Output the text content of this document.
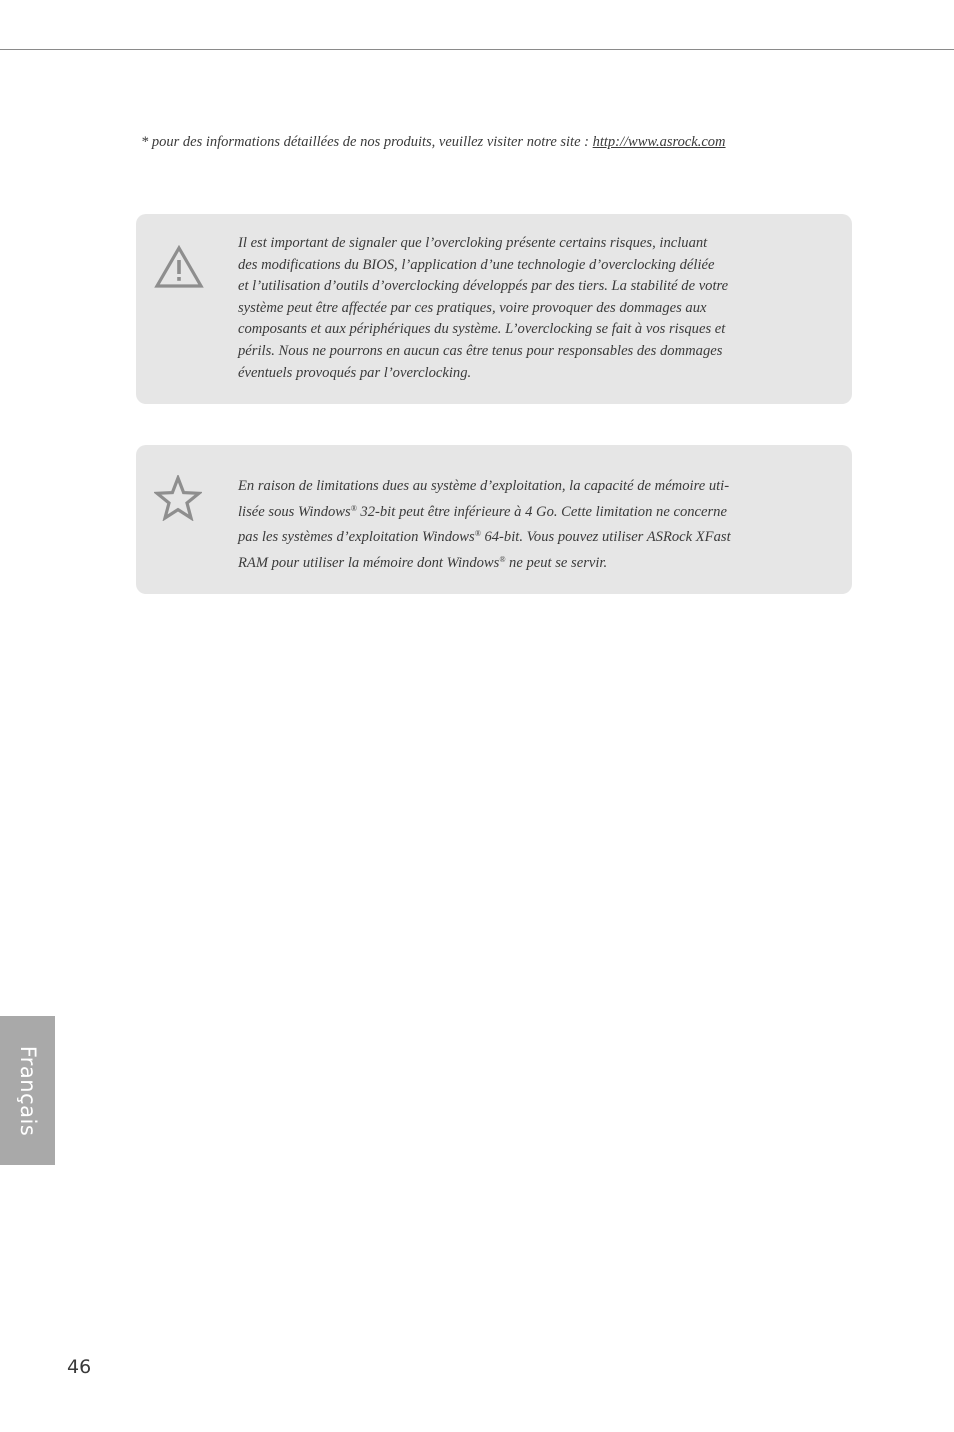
* pour des informations détaillées de nos produits, veuillez visiter notre site : http://www.asrock.com

Il est important de signaler que l’overcloking présente certains risques, incluant
des modifications du BIOS, l’application d’une technologie d’overclocking déliée
et l’utilisation d’outils d’overclocking développés par des tiers. La stabilité de votre
système peut être affectée par ces pratiques, voire provoquer des dommages aux
composants et aux périphériques du système. L’overclocking se fait à vos risques et
périls. Nous ne pourrons en aucun cas être tenus pour responsables des dommages
éventuels provoqués par l’overclocking.

En raison de limitations dues au système d’exploitation, la capacité de mémoire uti-
lisée sous Windows® 32-bit peut être inférieure à 4 Go. Cette limitation ne concerne
pas les systèmes d’exploitation Windows® 64-bit. Vous pouvez utiliser ASRock XFast
RAM pour utiliser la mémoire dont Windows® ne peut se servir.

Français
46
